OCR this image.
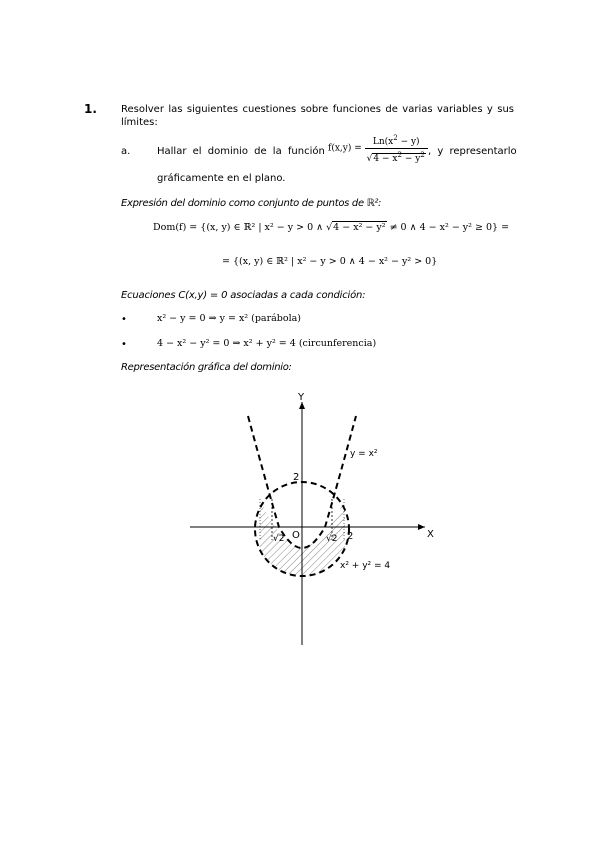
1. Resolver las siguientes cuestiones sobre funciones de varias variables y sus
límites:
a.	Hallar el dominio de la función $f(x,y) = \frac{Ln(x^2 - y)}{√4 - x^2 - y^2}$ , y representarlo
gráficamente en el plano.
Expresión del dominio como conjunto de puntos de ℝ²:
Dom(f) = {(x, y) ∈ ℝ² | x² − y > 0 ∧ √4 − x² − y² ≠ 0 ∧ 4 − x² − y² ≥ 0} =
= {(x, y) ∈ ℝ² | x² − y > 0 ∧ 4 − x² − y² > 0}
Ecuaciones C(x,y) = 0 asociadas a cada condición:
•	x² − y = 0 ⇒ y = x² (parábola)
•	4 − x² − y² = 0 ⇒ x² + y² = 4 (circunferencia)
Representación gráfica del dominio:
X
Y
O
2
2
√2	√2
y = x²
x² + y² = 4
